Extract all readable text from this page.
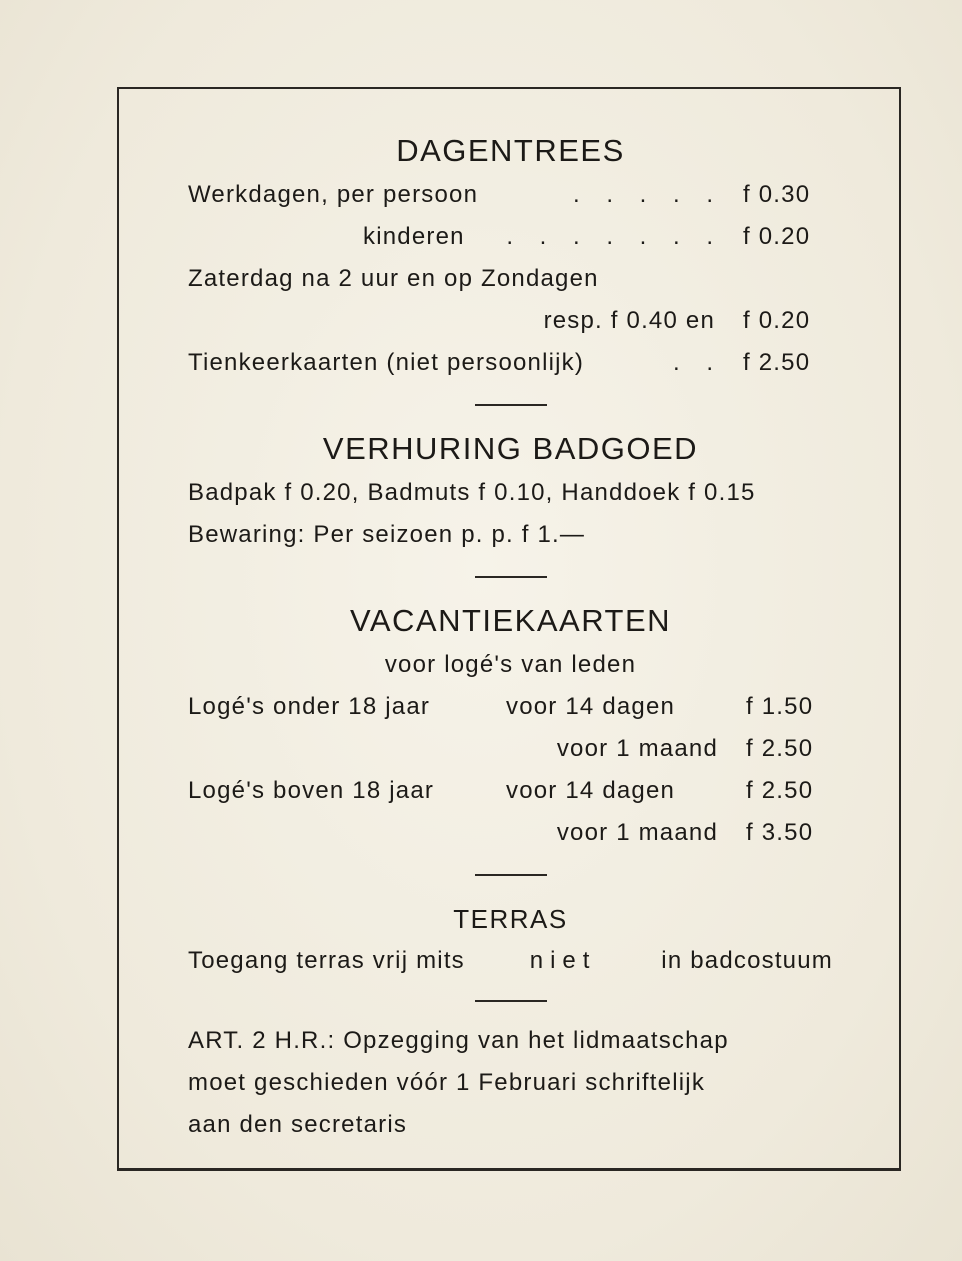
DAGENTREES
Werkdagen, per persoon	. . . . . f 0.30
kinderen	. . . . . . . f 0.20
Zaterdag na 2 uur en op Zondagen
resp. f 0.40 en	f 0.20
Tienkeerkaarten (niet persoonlijk)	. . f 2.50
VERHURING BADGOED
Badpak f 0.20, Badmuts f 0.10, Handdoek f 0.15
Bewaring: Per seizoen p. p. f 1.—
VACANTIEKAARTEN
voor logé's van leden
Logé's onder 18 jaar	voor 14 dagen	f 1.50
voor 1 maand	f 2.50
Logé's boven 18 jaar	voor 14 dagen	f 2.50
voor 1 maand	f 3.50
TERRAS
Toegang terras vrij mits	niet	in badcostuum
ART. 2 H.R.: Opzegging van het lidmaatschap
moet geschieden vóór 1 Februari schriftelijk
aan den secretaris
